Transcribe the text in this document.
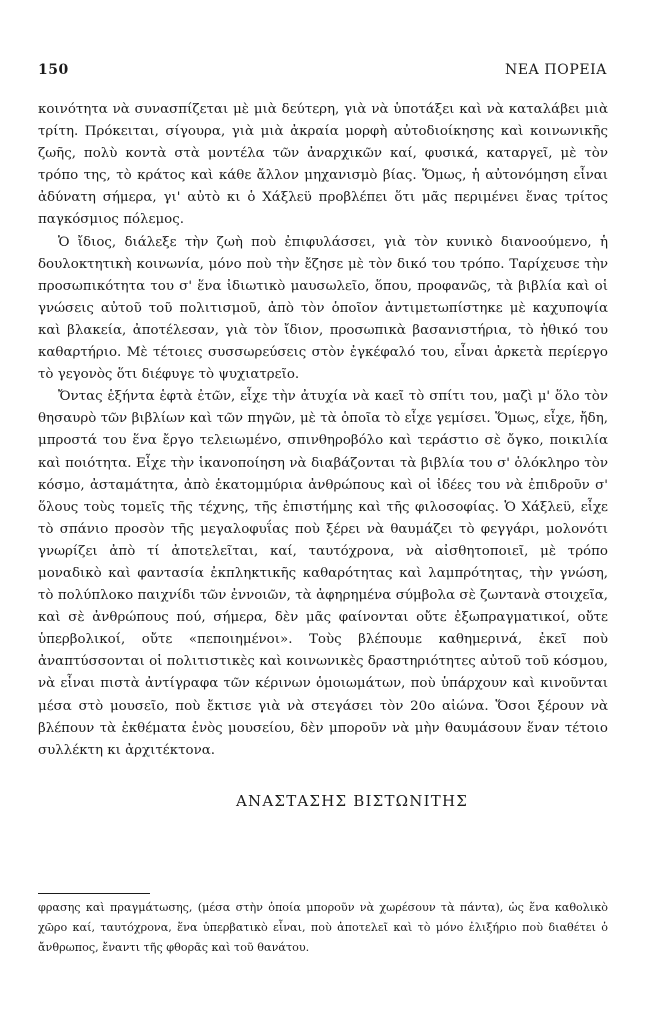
150	ΝΕΑ ΠΟΡΕΙΑ

κοινότητα νὰ συνασπίζεται μὲ μιὰ δεύτερη, γιὰ νὰ ὑποτάξει καὶ νὰ καταλάβει μιὰ τρίτη. Πρόκειται, σίγουρα, γιὰ μιὰ ἀκραία μορφὴ αὐτοδιοίκησης καὶ κοινωνικῆς ζωῆς, πολὺ κοντὰ στὰ μοντέλα τῶν ἀναρχικῶν καί, φυσικά, καταργεῖ, μὲ τὸν τρόπο της, τὸ κράτος καὶ κάθε ἄλλον μηχανισμὸ βίας. Ὅμως, ἡ αὐτονόμηση εἶναι ἀδύνατη σήμερα, γι' αὐτὸ κι ὁ Χάξλεϋ προβλέπει ὅτι μᾶς περιμένει ἕνας τρίτος παγκόσμιος πόλεμος.

Ὁ ἴδιος, διάλεξε τὴν ζωὴ ποὺ ἐπιφυλάσσει, γιὰ τὸν κυνικὸ διανοούμενο, ἡ δουλοκτητικὴ κοινωνία, μόνο ποὺ τὴν ἔζησε μὲ τὸν δικό του τρόπο. Ταρίχευσε τὴν προσωπικότητα του σ' ἕνα ἰδιωτικὸ μαυσωλεῖο, ὅπου, προφανῶς, τὰ βιβλία καὶ οἱ γνώσεις αὐτοῦ τοῦ πολιτισμοῦ, ἀπὸ τὸν ὁποῖον ἀντιμετωπίστηκε μὲ καχυποψία καὶ βλακεία, ἀποτέλεσαν, γιὰ τὸν ἴδιον, προσωπικὰ βασανιστήρια, τὸ ἠθικό του καθαρτήριο. Μὲ τέτοιες συσσωρεύσεις στὸν ἐγκέφαλό του, εἶναι ἀρκετὰ περίεργο τὸ γεγονὸς ὅτι διέφυγε τὸ ψυχιατρεῖο.

Ὄντας ἑξήντα ἑφτὰ ἐτῶν, εἶχε τὴν ἀτυχία νὰ καεῖ τὸ σπίτι του, μαζὶ μ' ὅλο τὸν θησαυρὸ τῶν βιβλίων καὶ τῶν πηγῶν, μὲ τὰ ὁποῖα τὸ εἶχε γεμίσει. Ὅμως, εἶχε, ἤδη, μπροστά του ἕνα ἔργο τελειωμένο, σπινθηροβόλο καὶ τεράστιο σὲ ὄγκο, ποικιλία καὶ ποιότητα. Εἶχε τὴν ἱκανοποίηση νὰ διαβάζονται τὰ βιβλία του σ' ὁλόκληρο τὸν κόσμο, ἀσταμάτητα, ἀπὸ ἑκατομμύρια ἀνθρώπους καὶ οἱ ἰδέες του νὰ ἐπιδροῦν σ' ὅλους τοὺς τομεῖς τῆς τέχνης, τῆς ἐπιστήμης καὶ τῆς φιλοσοφίας. Ὁ Χάξλεϋ, εἶχε τὸ σπάνιο προσὸν τῆς μεγαλοφυΐας ποὺ ξέρει νὰ θαυμάζει τὸ φεγγάρι, μολονότι γνωρίζει ἀπὸ τί ἀποτελεῖται, καί, ταυτόχρονα, νὰ αἰσθητοποιεῖ, μὲ τρόπο μοναδικὸ καὶ φαντασία ἐκπληκτικῆς καθαρότητας καὶ λαμπρότητας, τὴν γνώση, τὸ πολύπλοκο παιχνίδι τῶν ἐννοιῶν, τὰ ἀφηρημένα σύμβολα σὲ ζωντανὰ στοιχεῖα, καὶ σὲ ἀνθρώπους πού, σήμερα, δὲν μᾶς φαίνονται οὔτε ἐξωπραγματικοί, οὔτε ὑπερβολικοί, οὔτε «πεποιημένοι». Τοὺς βλέπουμε καθημερινά, ἐκεῖ ποὺ ἀναπτύσσονται οἱ πολιτιστικὲς καὶ κοινωνικὲς δραστηριότητες αὐτοῦ τοῦ κόσμου, νὰ εἶναι πιστὰ ἀντίγραφα τῶν κέρινων ὁμοιωμάτων, ποὺ ὑπάρχουν καὶ κινοῦνται μέσα στὸ μουσεῖο, ποὺ ἔκτισε γιὰ νὰ στεγάσει τὸν 20ο αἰώνα. Ὅσοι ξέρουν νὰ βλέπουν τὰ ἐκθέματα ἑνὸς μουσείου, δὲν μποροῦν νὰ μὴν θαυμάσουν ἕναν τέτοιο συλλέκτη κι ἀρχιτέκτονα.

ΑΝΑΣΤΑΣΗΣ ΒΙΣΤΩΝΙΤΗΣ

φρασης καὶ πραγμάτωσης, (μέσα στὴν ὁποία μποροῦν νὰ χωρέσουν τὰ πάντα), ὡς ἕνα καθολικὸ χῶρο καί, ταυτόχρονα, ἕνα ὑπερβατικὸ εἶναι, ποὺ ἀποτελεῖ καὶ τὸ μόνο ἐλιξήριο ποὺ διαθέτει ὁ ἄνθρωπος, ἔναντι τῆς φθορᾶς καὶ τοῦ θανάτου.
